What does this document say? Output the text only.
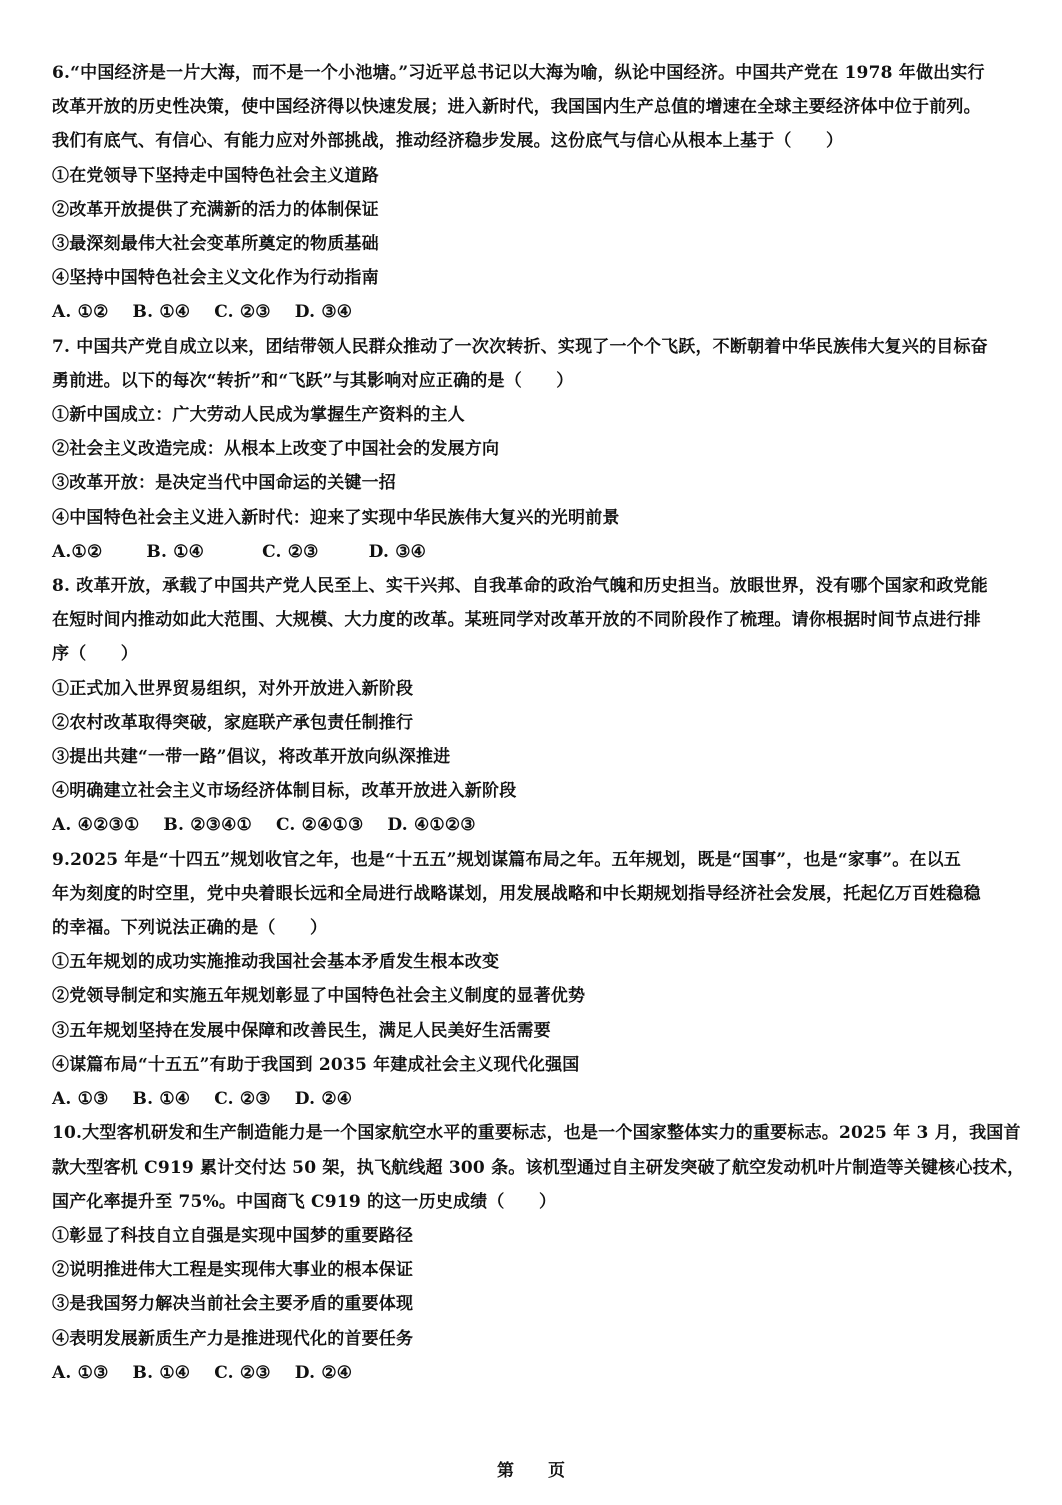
6.“中国经济是一片大海，而不是一个小池塘。”习近平总书记以大海为喻，纵论中国经济。中国共产党在 1978 年做出实行
改革开放的历史性决策，使中国经济得以快速发展；进入新时代，我国国内生产总值的增速在全球主要经济体中位于前列。
我们有底气、有信心、有能力应对外部挑战，推动经济稳步发展。这份底气与信心从根本上基于（　　）
①在党领导下坚持走中国特色社会主义道路
②改革开放提供了充满新的活力的体制保证
③最深刻最伟大社会变革所奠定的物质基础
④坚持中国特色社会主义文化作为行动指南
A. ①② B. ①④ C. ②③ D. ③④
7. 中国共产党自成立以来，团结带领人民群众推动了一次次转折、实现了一个个飞跃，不断朝着中华民族伟大复兴的目标奋
勇前进。以下的每次“转折”和“飞跃”与其影响对应正确的是（　　）
①新中国成立：广大劳动人民成为掌握生产资料的主人
②社会主义改造完成：从根本上改变了中国社会的发展方向
③改革开放：是决定当代中国命运的关键一招
④中国特色社会主义进入新时代：迎来了实现中华民族伟大复兴的光明前景
A.①②	B. ①④	C. ②③	D. ③④
8. 改革开放，承载了中国共产党人民至上、实干兴邦、自我革命的政治气魄和历史担当。放眼世界，没有哪个国家和政党能
在短时间内推动如此大范围、大规模、大力度的改革。某班同学对改革开放的不同阶段作了梳理。请你根据时间节点进行排
序（　　）
①正式加入世界贸易组织，对外开放进入新阶段
②农村改革取得突破，家庭联产承包责任制推行
③提出共建“一带一路”倡议，将改革开放向纵深推进
④明确建立社会主义市场经济体制目标，改革开放进入新阶段
A. ④②③① B. ②③④① C. ②④①③ D. ④①②③
9.2025 年是“十四五”规划收官之年，也是“十五五”规划谋篇布局之年。五年规划，既是“国事”，也是“家事”。在以五
年为刻度的时空里，党中央着眼长远和全局进行战略谋划，用发展战略和中长期规划指导经济社会发展，托起亿万百姓稳稳
的幸福。下列说法正确的是（　　）
①五年规划的成功实施推动我国社会基本矛盾发生根本改变
②党领导制定和实施五年规划彰显了中国特色社会主义制度的显著优势
③五年规划坚持在发展中保障和改善民生，满足人民美好生活需要
④谋篇布局“十五五”有助于我国到 2035 年建成社会主义现代化强国
A. ①③ B. ①④ C. ②③ D. ②④
10.大型客机研发和生产制造能力是一个国家航空水平的重要标志，也是一个国家整体实力的重要标志。2025 年 3 月，我国首
款大型客机 C919 累计交付达 50 架，执飞航线超 300 条。该机型通过自主研发突破了航空发动机叶片制造等关键核心技术，
国产化率提升至 75%。中国商飞 C919 的这一历史成绩（　　）
①彰显了科技自立自强是实现中国梦的重要路径
②说明推进伟大工程是实现伟大事业的根本保证
③是我国努力解决当前社会主要矛盾的重要体现
④表明发展新质生产力是推进现代化的首要任务
A. ①③ B. ①④ C. ②③ D. ②④
第　　页
